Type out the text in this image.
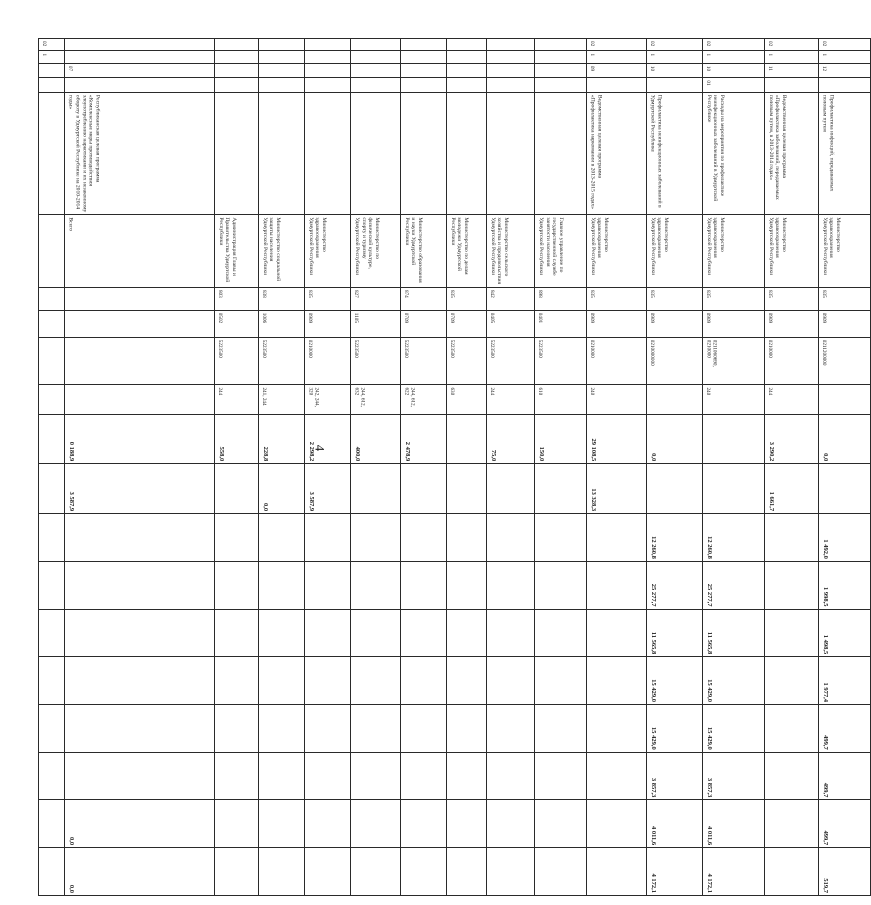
4
02	1																		

		07		Республиканская целевая программа «Комплексные меры противодействия злоупотреблению наркотиками и их незаконному обороту в Удмуртской Республике на 2010-2014 годы»	Всего					0 188,9	3 587,9							0,0	0,0

					Администрация Главы и Правительства Удмуртской Республики	803	0502	5223500	244	558,0									

					Министерство социальной защиты населения Удмуртской Республики	838	1006	5223500	241, 244	228,8	0,0								

					Министерство здравоохранения Удмуртской Республики	835	0909	0210000	242, 244, 320	2 298,2	3 587,9								

					Министерство по физической культуре, спорту и туризму Удмуртской Республики	827	1105	5223500	244, 612, 632	400,0									

					Министерство образования и науки Удмуртской Республики	874	0709	5223500	244, 612, 622	2 478,9									

					Министерство по делам молодежи Удмуртской Республики	835	0709	5223500	630										

					Министерство сельского хозяйства и продовольствия Удмуртской Республики	842	0405	5223500	244	75,0									

					Главное управление по государственной службе занятости населения Удмуртской Республики	898	0401	5223500	610	150,0									

02	1	09		Ведомственная целевая программа «Профилактика наркомании в 2013-2015 годах»	Министерство здравоохранения Удмуртской Республики	835	0909	0210000	240	29 108,5	13 328,3								

02	1	10		Профилактика неинфекционных заболеваний в Удмуртской Республике	Министерство здравоохранения Удмуртской Республики	835	0909	0210000000		0,0		12 260,8	25 277,7	11 565,8	15 429,0	15 429,0	3 857,3	4 011,6	4 172,1

02	1	10	01	Расходы на мероприятия по профилактике неинфекционных заболеваний в Удмуртской Республике	Министерство здравоохранения Удмуртской Республики	835	0909	0211060690, 0210000	240			12 260,8	25 277,7	11 565,8	15 429,0	15 429,0	3 857,3	4 011,6	4 172,1

02	1	11		Ведомственная целевая программа «Профилактика заболеваний, передаваемых половым путем, в 2013-2014 годах»	Министерство здравоохранения Удмуртской Республики	835	0909	0210000	244	3 290,2	1 661,7								

02	1	12		Профилактика инфекций, передаваемых половым путем	Министерство здравоохранения Удмуртской Республики	835	0909	0211200000		0,0		1 492,0	1 998,5	1 498,5	1 977,4	499,7	499,7	499,7	519,7
